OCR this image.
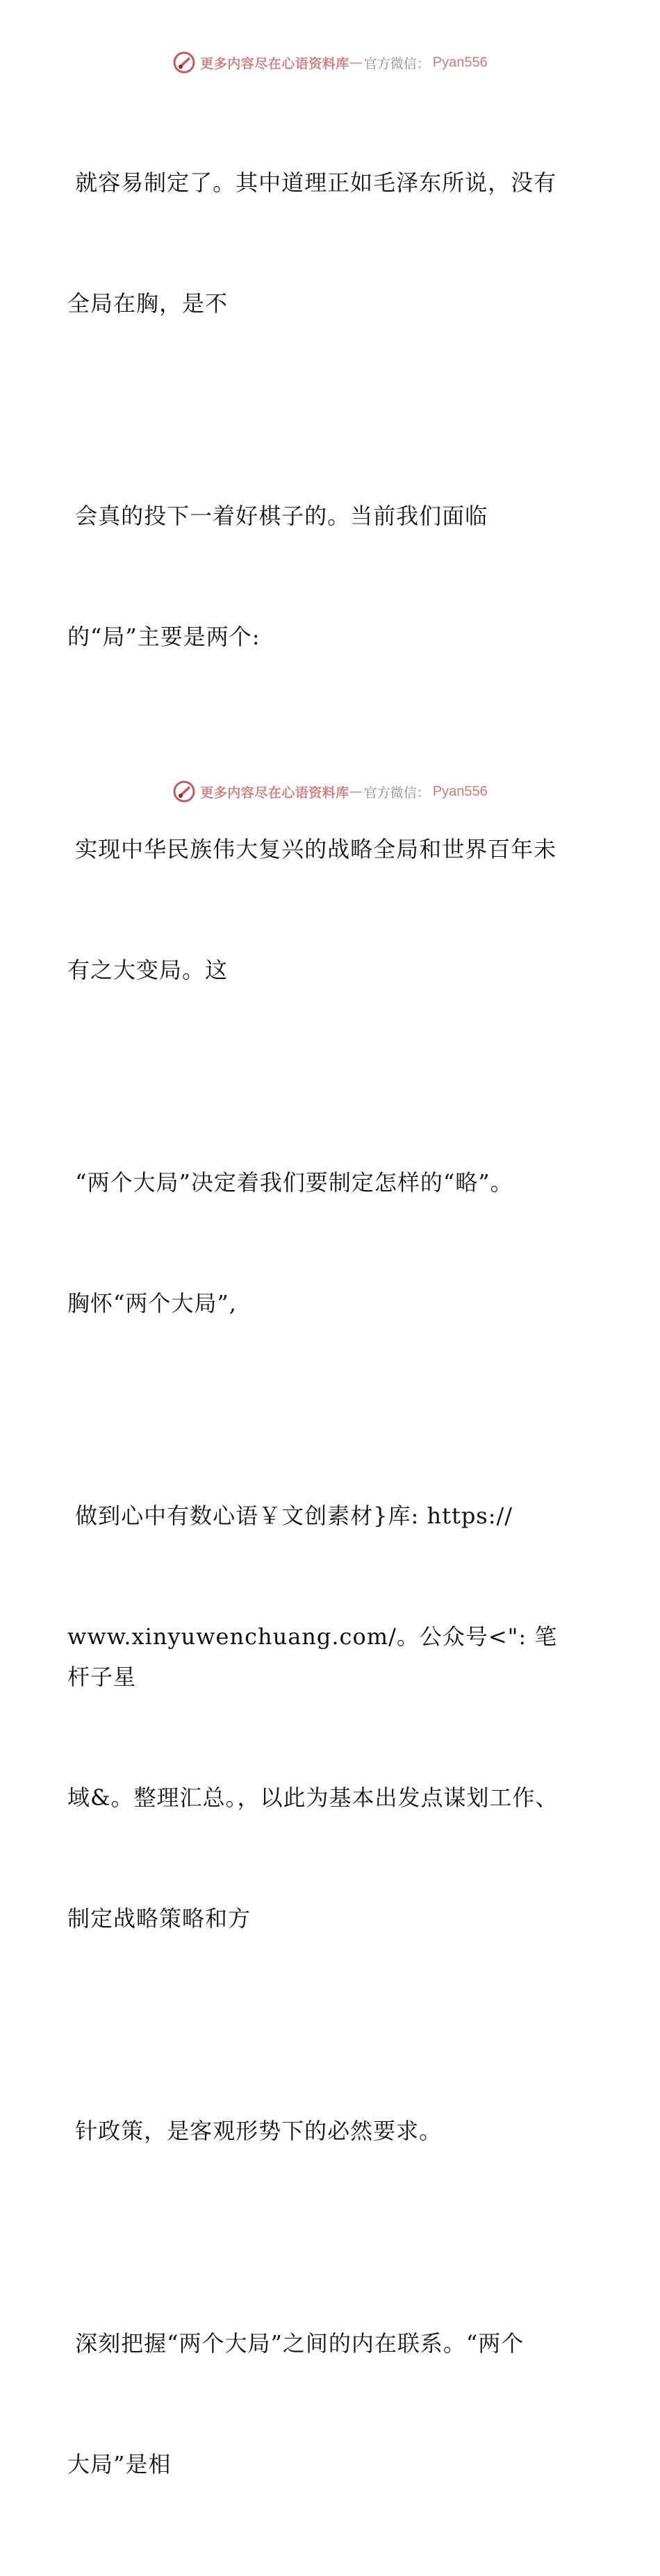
更多内容尽在心语资料库 — 官方微信： Pyan556

就容易制定了。其中道理正如毛泽东所说，没有

全局在胸，是不

会真的投下一着好棋子的。当前我们面临

的“局”主要是两个:

实现中华民族伟大复兴的战略全局和世界百年未

有之大变局。这

“两个大局”决定着我们要制定怎样的“略”。

胸怀“两个大局”,

做到心中有数心语￥文创素材}库: https://

www.xinyuwenchuang.com/。公众号<": 笔杆子星

域&。整理汇总。，以此为基本出发点谋划工作、

制定战略策略和方

针政策，是客观形势下的必然要求。

深刻把握“两个大局”之间的内在联系。“两个

大局”是相

更多内容尽在心语资料库 — 官方微信： Pyan556
